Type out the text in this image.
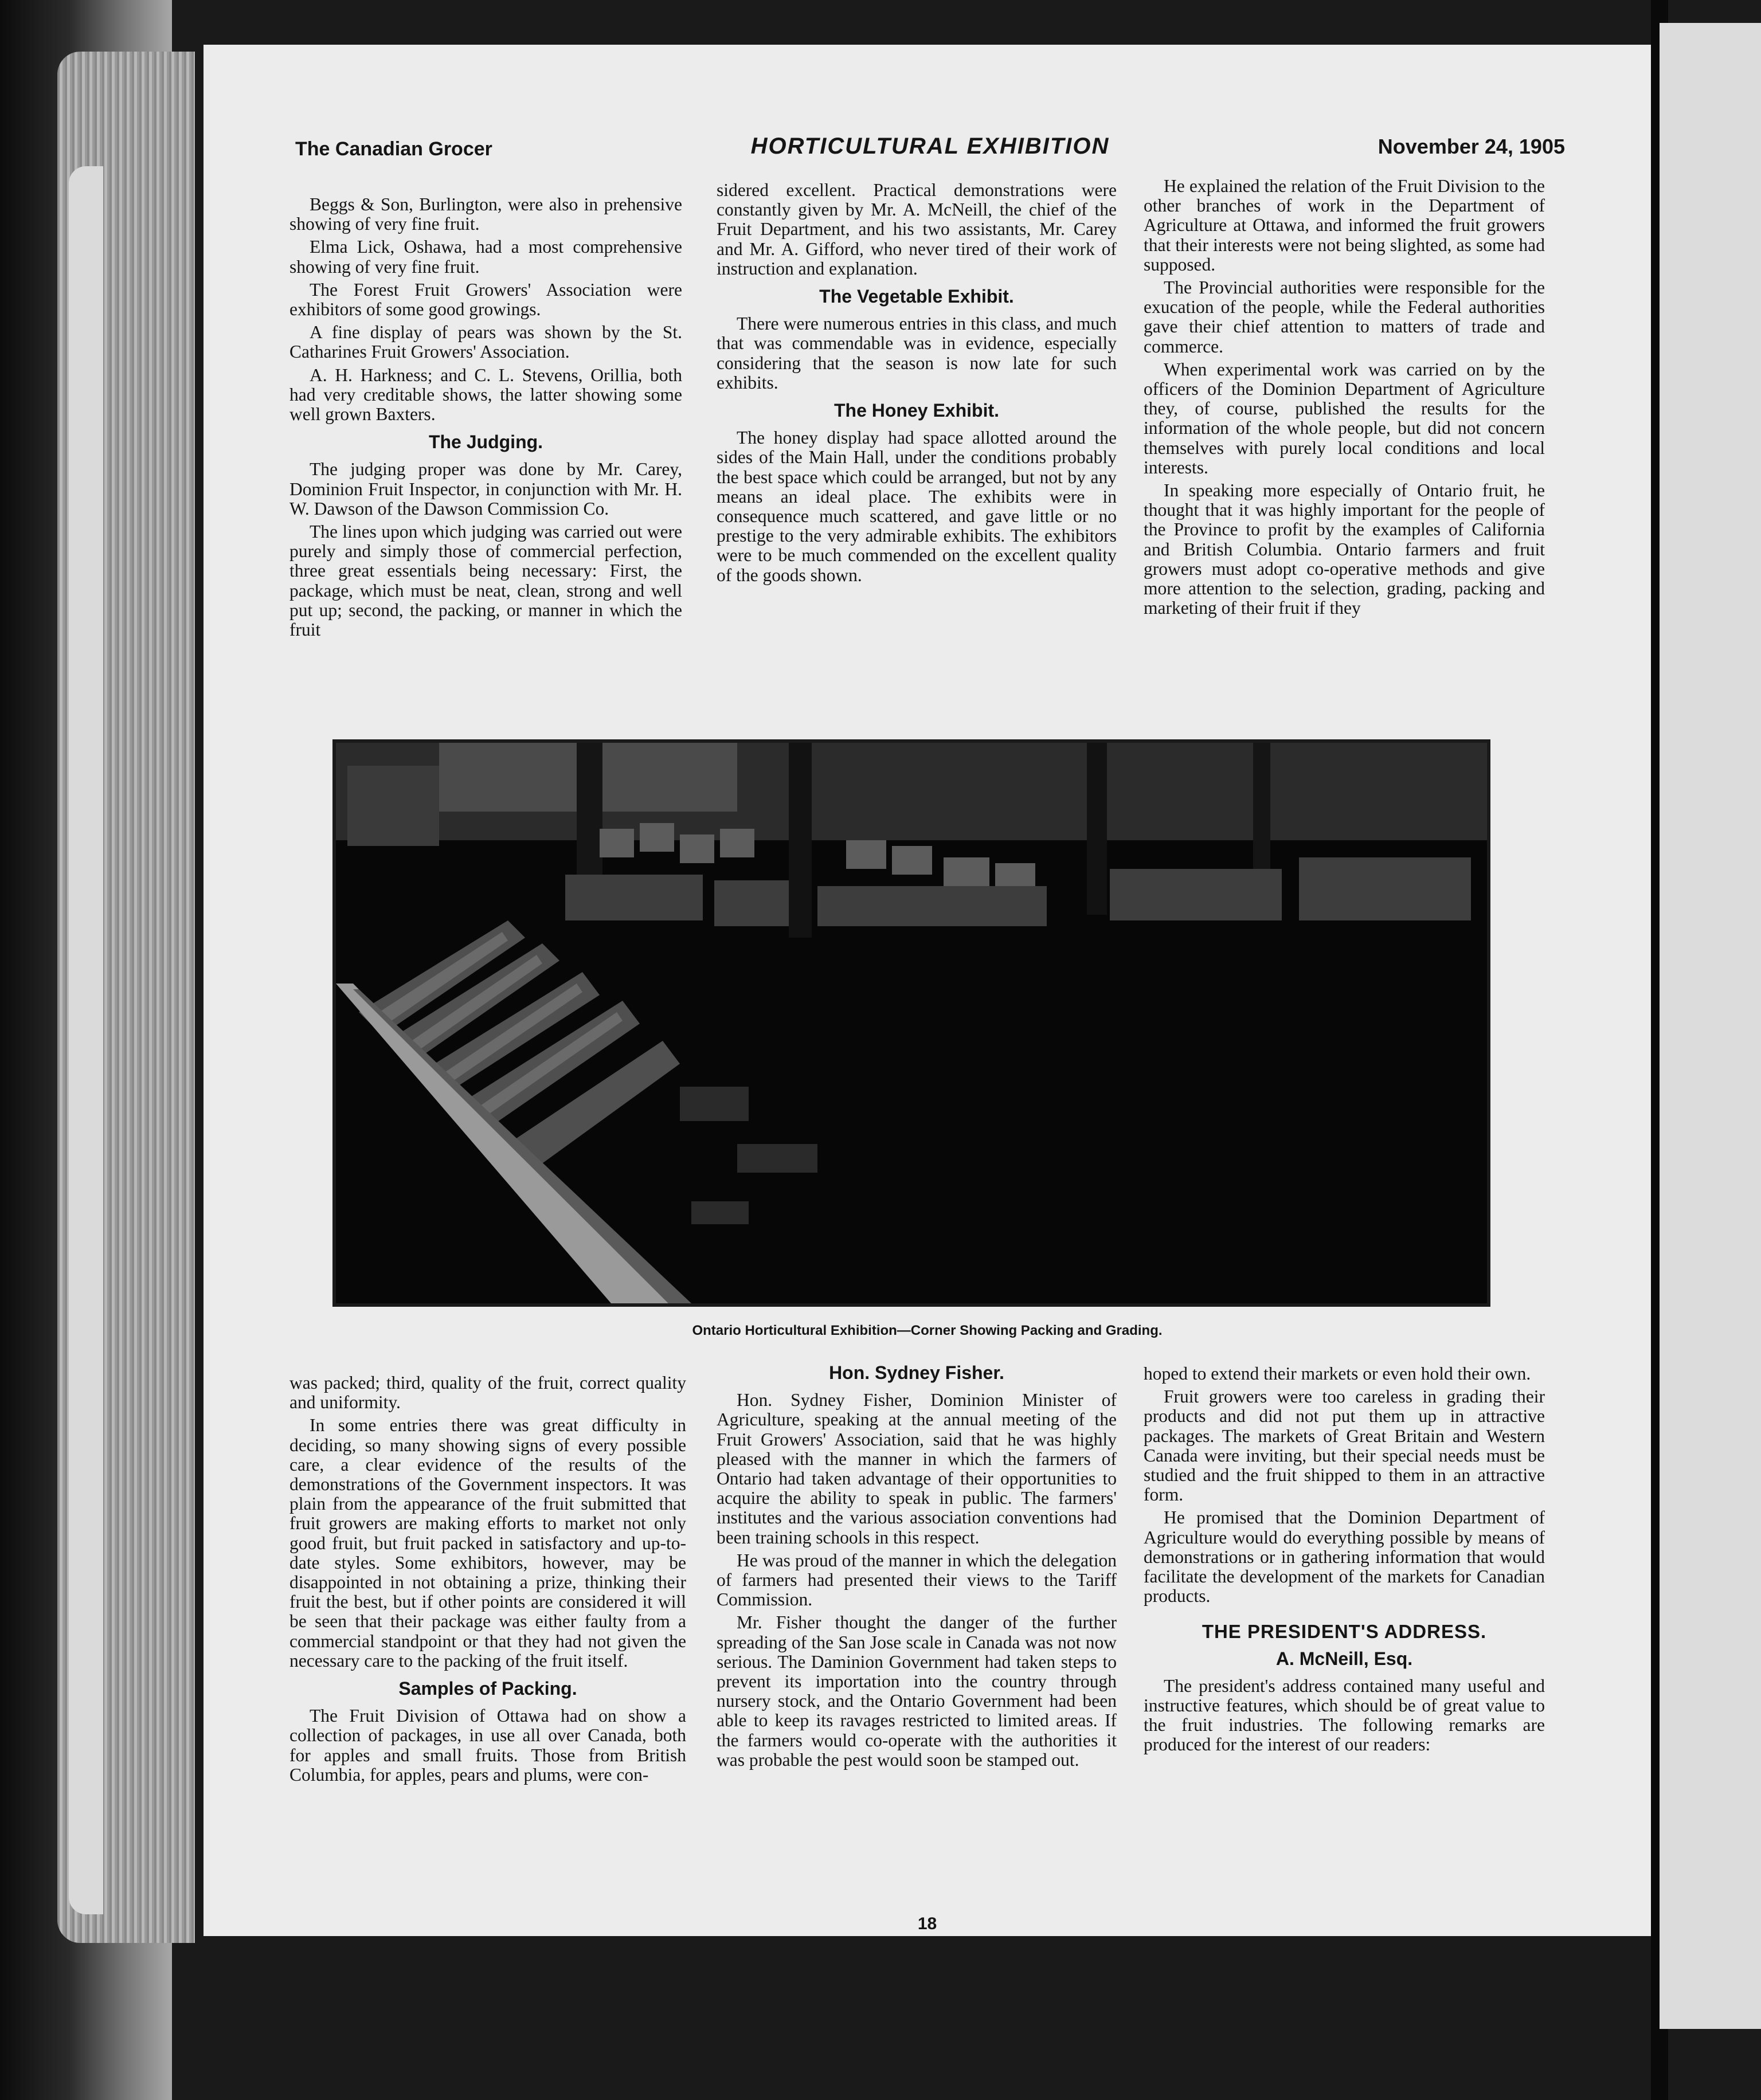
The Canadian Grocer	HORTICULTURAL EXHIBITION	November 24, 1905

Beggs & Son, Burlington, were also in prehensive showing of very fine fruit.

Elma Lick, Oshawa, had a most comprehensive showing of very fine fruit.

The Forest Fruit Growers' Association were exhibitors of some good growings.

A fine display of pears was shown by the St. Catharines Fruit Growers' Association.

A. H. Harkness; and C. L. Stevens, Orillia, both had very creditable shows, the latter showing some well grown Baxters.

The Judging.

The judging proper was done by Mr. Carey, Dominion Fruit Inspector, in conjunction with Mr. H. W. Dawson of the Dawson Commission Co.

The lines upon which judging was carried out were purely and simply those of commercial perfection, three great essentials being necessary: First, the package, which must be neat, clean, strong and well put up; second, the packing, or manner in which the fruit

sidered excellent. Practical demonstrations were constantly given by Mr. A. McNeill, the chief of the Fruit Department, and his two assistants, Mr. Carey and Mr. A. Gifford, who never tired of their work of instruction and explanation.

The Vegetable Exhibit.

There were numerous entries in this class, and much that was commendable was in evidence, especially considering that the season is now late for such exhibits.

The Honey Exhibit.

The honey display had space allotted around the sides of the Main Hall, under the conditions probably the best space which could be arranged, but not by any means an ideal place. The exhibits were in consequence much scattered, and gave little or no prestige to the very admirable exhibits. The exhibitors were to be much commended on the excellent quality of the goods shown.

He explained the relation of the Fruit Division to the other branches of work in the Department of Agriculture at Ottawa, and informed the fruit growers that their interests were not being slighted, as some had supposed.

The Provincial authorities were responsible for the exucation of the people, while the Federal authorities gave their chief attention to matters of trade and commerce.

When experimental work was carried on by the officers of the Dominion Department of Agriculture they, of course, published the results for the information of the whole people, but did not concern themselves with purely local conditions and local interests.

In speaking more especially of Ontario fruit, he thought that it was highly important for the people of the Province to profit by the examples of California and British Columbia. Ontario farmers and fruit growers must adopt co-operative methods and give more attention to the selection, grading, packing and marketing of their fruit if they

Ontario Horticultural Exhibition—Corner Showing Packing and Grading.

was packed; third, quality of the fruit, correct quality and uniformity.

In some entries there was great difficulty in deciding, so many showing signs of every possible care, a clear evidence of the results of the demonstrations of the Government inspectors. It was plain from the appearance of the fruit submitted that fruit growers are making efforts to market not only good fruit, but fruit packed in satisfactory and up-to-date styles. Some exhibitors, however, may be disappointed in not obtaining a prize, thinking their fruit the best, but if other points are considered it will be seen that their package was either faulty from a commercial standpoint or that they had not given the necessary care to the packing of the fruit itself.

Samples of Packing.

The Fruit Division of Ottawa had on show a collection of packages, in use all over Canada, both for apples and small fruits. Those from British Columbia, for apples, pears and plums, were con-

Hon. Sydney Fisher.

Hon. Sydney Fisher, Dominion Minister of Agriculture, speaking at the annual meeting of the Fruit Growers' Association, said that he was highly pleased with the manner in which the farmers of Ontario had taken advantage of their opportunities to acquire the ability to speak in public. The farmers' institutes and the various association conventions had been training schools in this respect.

He was proud of the manner in which the delegation of farmers had presented their views to the Tariff Commission.

Mr. Fisher thought the danger of the further spreading of the San Jose scale in Canada was not now serious. The Daminion Government had taken steps to prevent its importation into the country through nursery stock, and the Ontario Government had been able to keep its ravages restricted to limited areas. If the farmers would co-operate with the authorities it was probable the pest would soon be stamped out.

hoped to extend their markets or even hold their own.

Fruit growers were too careless in grading their products and did not put them up in attractive packages. The markets of Great Britain and Western Canada were inviting, but their special needs must be studied and the fruit shipped to them in an attractive form.

He promised that the Dominion Department of Agriculture would do everything possible by means of demonstrations or in gathering information that would facilitate the development of the markets for Canadian products.

THE PRESIDENT'S ADDRESS.
A. McNeill, Esq.

The president's address contained many useful and instructive features, which should be of great value to the fruit industries. The following remarks are produced for the interest of our readers:

18
